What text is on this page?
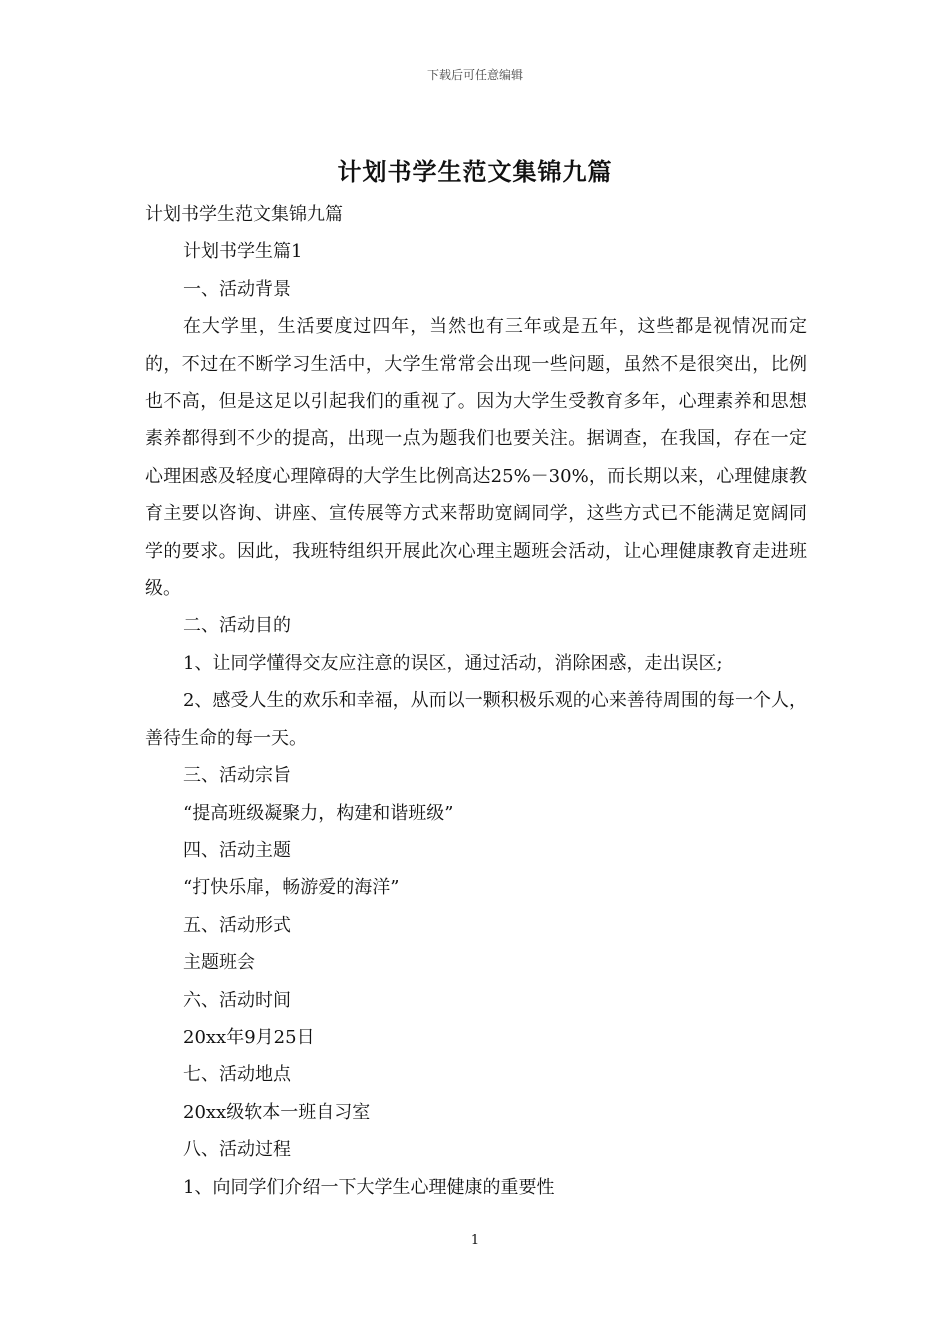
下载后可任意编辑
计划书学生范文集锦九篇

计划书学生范文集锦九篇

计划书学生篇1

一、活动背景

在大学里，生活要度过四年，当然也有三年或是五年，这些都是视情况而定的，不过在不断学习生活中，大学生常常会出现一些问题，虽然不是很突出，比例也不高，但是这足以引起我们的重视了。因为大学生受教育多年，心理素养和思想素养都得到不少的提高，出现一点为题我们也要关注。据调查，在我国，存在一定心理困惑及轻度心理障碍的大学生比例高达25%－30%，而长期以来，心理健康教育主要以咨询、讲座、宣传展等方式来帮助宽阔同学，这些方式已不能满足宽阔同学的要求。因此，我班特组织开展此次心理主题班会活动，让心理健康教育走进班级。

二、活动目的

1、让同学懂得交友应注意的误区，通过活动，消除困惑，走出误区;

2、感受人生的欢乐和幸福，从而以一颗积极乐观的心来善待周围的每一个人，善待生命的每一天。

三、活动宗旨

“提高班级凝聚力，构建和谐班级”

四、活动主题

“打快乐扉，畅游爱的海洋”

五、活动形式

主题班会

六、活动时间

20xx年9月25日

七、活动地点

20xx级软本一班自习室

八、活动过程

1、向同学们介绍一下大学生心理健康的重要性

1
